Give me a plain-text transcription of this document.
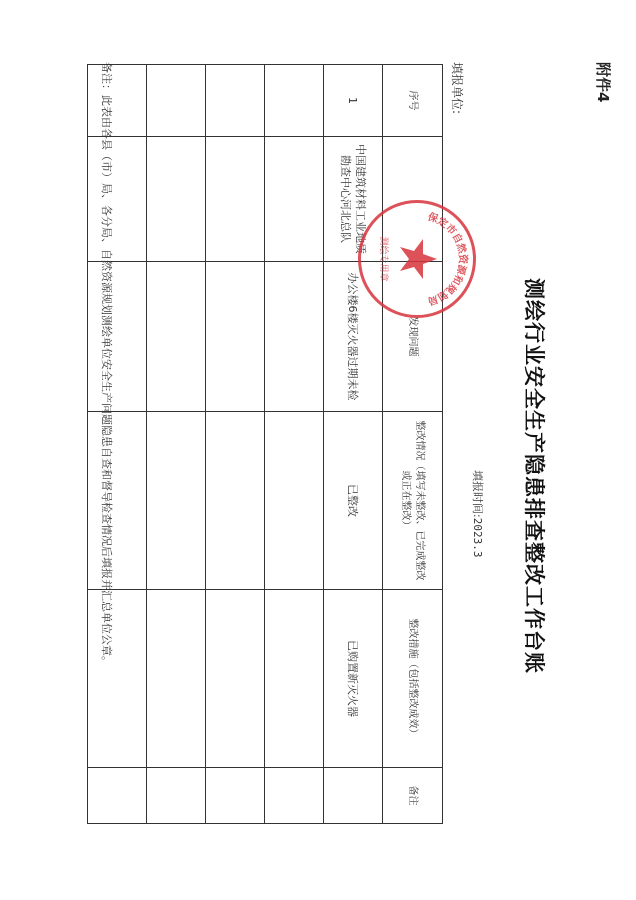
附件4
测绘行业安全生产隐患排查整改工作台账
填报单位:
填报时间:2023.3
序号		发现问题	整改情况（填写未整改、已完成整改或正在整改）	整改措施（包括整改成效）	备注
1	中国建筑材料工业地质勘查中心河北总队	办公楼6楼灭火器过期未检	已整改	已购置新灭火器	

备注：此表由各县（市）局、各分局、自然资源规划测绘单位安全生产问题隐患自查和督导检查情况后填报并汇总单位公章。	保定市自然资源和规划局
测绘专用章
